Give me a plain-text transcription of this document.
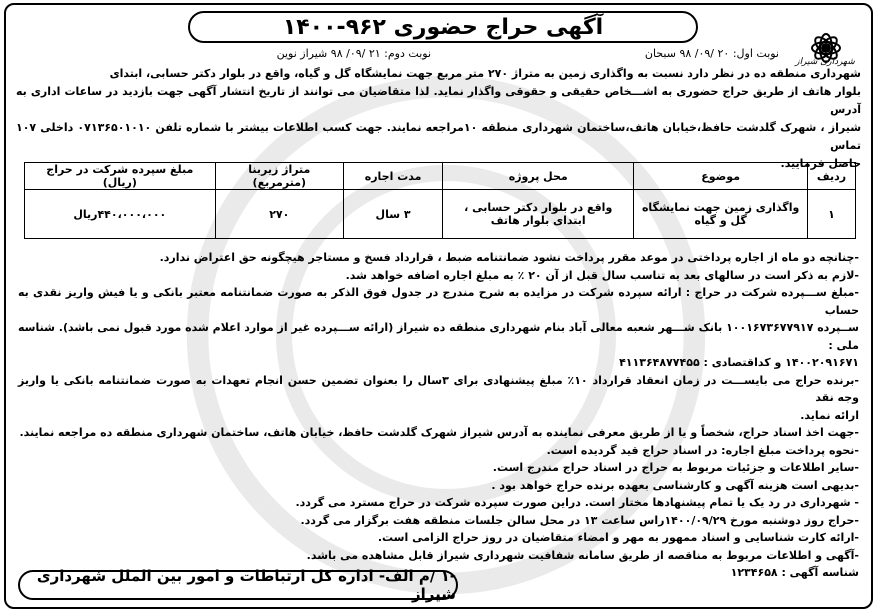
آگهی حراج حضوری ۹۶۲-۱۴۰۰
شهرداری شیراز
نوبت اول: ۲۰ /۰۹/ ۹۸ سبحان
نوبت دوم: ۲۱ /۰۹/ ۹۸ شیراز نوین

شهرداری منطقه ده در نظر دارد نسبت به واگذاری زمین به متراژ ۲۷۰ متر مربع جهت نمایشگاه گل و گیاه، واقع در بلوار دکتر حسابی، ابتدای

بلوار هاتف از طریق حراج حضوری به اشـــخاص حقیقی و حقوقی واگذار نماید. لذا متقاضیان می توانند از تاریخ انتشار آگهی جهت بازدید در ساعات اداری به آدرس

شیراز ، شهرک گلدشت حافظ،خیابان هاتف،ساختمان شهرداری منطقه ۱۰مراجعه نمایند. جهت کسب اطلاعات بیشتر با شماره تلفن ۰۷۱۳۶۵۰۱۰۱۰ داخلی ۱۰۷ تماس

حاصل فرمایید.

ردیف	موضوع	محل پروژه	مدت اجاره	متراژ زیربنا (مترمربع)	مبلغ سپرده شرکت در حراج (ریال)
۱	واگذاری زمین جهت نمایشگاه گل و گیاه	واقع در بلوار دکتر حسابی ، ابتدای بلوار هاتف	۳ سال	۲۷۰	۴۴۰،۰۰۰،۰۰۰ریال

-چنانچه دو ماه از اجاره پرداختی در موعد مقرر پرداخت نشود ضمانتنامه ضبط ، قرارداد فسخ و مستاجر هیچگونه حق اعتراض ندارد.

-لازم به ذکر است در سالهای بعد به تناسب سال قبل از آن ۲۰ ٪ به مبلغ اجاره اضافه خواهد شد.

-مبلغ ســـپرده شرکت در حراج : ارائه سپرده شرکت در مزایده به شرح مندرج در جدول فوق الذکر به صورت ضمانتنامه معتبر بانکی و یا فیش واریز نقدی به حساب

ســپرده ۱۰۰۱۶۷۳۶۷۷۹۱۷ بانک شـــهر شعبه معالی آباد بنام شهرداری منطقه ده شیراز (ارائه ســـپرده غیر از موارد اعلام شده مورد قبول نمی باشد). شناسه ملی :

۱۴۰۰۲۰۹۱۶۷۱ و کداقتصادی : ۴۱۱۳۶۴۸۷۷۴۵۵

-برنده حراج می بایســـت در زمان انعقاد قرارداد ۱۰٪ مبلغ پیشنهادی برای ۳سال را بعنوان تضمین حسن انجام تعهدات به صورت ضمانتنامه بانکی یا واریز وجه نقد

ارائه نماید.

-جهت اخذ اسناد حراج، شخصاً و یا از طریق معرفی نماینده به آدرس شیراز شهرک گلدشت حافظ، خیابان هاتف، ساختمان شهرداری منطقه ده مراجعه نمایند.

-نحوه پرداخت مبلغ اجاره: در اسناد حراج قید گردیده است.

-سایر اطلاعات و جزئیات مربوط به حراج در اسناد حراج مندرج است.

-بدیهی است هزینه آگهی و کارشناسی بعهده برنده حراج خواهد بود .

- شهرداری در رد یک یا تمام پیشنهادها مختار است. دراین صورت سپرده شرکت در حراج مسترد می گردد.

-حراج روز دوشنبه مورخ ۱۴۰۰/۰۹/۲۹راس ساعت ۱۳ در محل سالن جلسات منطقه هفت برگزار می گردد.

-ارائه کارت شناسایی و اسناد ممهور به مهر و امضاء متقاضیان در روز حراج الزامی است.

-آگهی و اطلاعات مربوط به مناقصه از طریق سامانه شفافیت شهرداری شیراز قابل مشاهده می باشد.

شناسه آگهی : ۱۲۳۴۶۵۸

-۱ /م الف- اداره کل ارتباطات و امور بین الملل شهرداری شیراز
